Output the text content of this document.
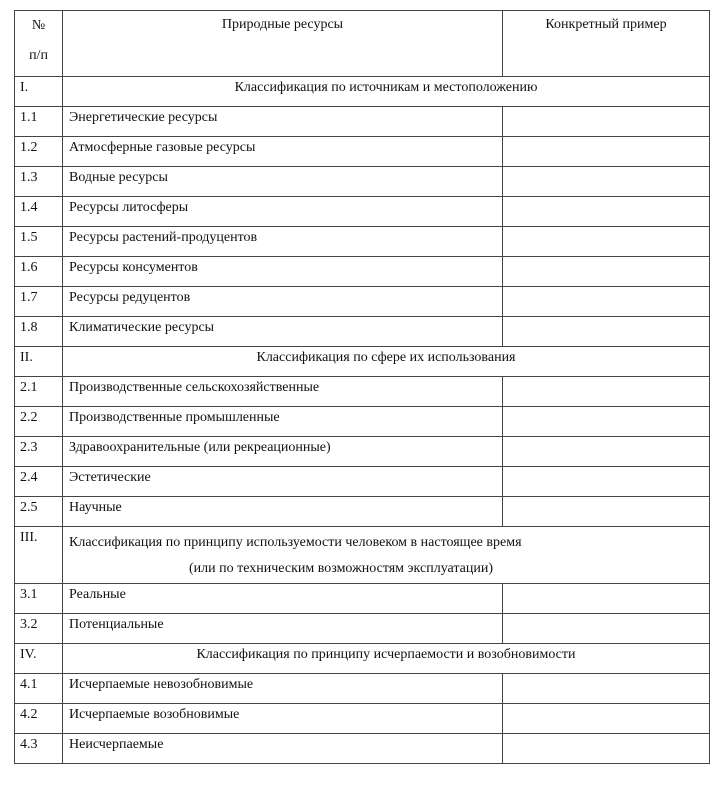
№
п/п	Природные ресурсы	Конкретный пример
I.	Классификация по источникам и местоположению	
1.1	Энергетические ресурсы	
1.2	Атмосферные газовые ресурсы	
1.3	Водные ресурсы	
1.4	Ресурсы литосферы	
1.5	Ресурсы растений-продуцентов	
1.6	Ресурсы консументов	
1.7	Ресурсы редуцентов	
1.8	Климатические ресурсы	
II.	Классификация по сфере их использования	
2.1	Производственные сельскохозяйственные	
2.2	Производственные промышленные	
2.3	Здравоохранительные (или рекреационные)	
2.4	Эстетические	
2.5	Научные	
III.	Классификация по принципу используемости человеком в настоящее время
(или по техническим возможностям эксплуатации)	

3.1	Реальные	
3.2	Потенциальные	
IV.	Классификация по принципу исчерпаемости и возобновимости	
4.1	Исчерпаемые невозобновимые	
4.2	Исчерпаемые возобновимые	
4.3	Неисчерпаемые	
